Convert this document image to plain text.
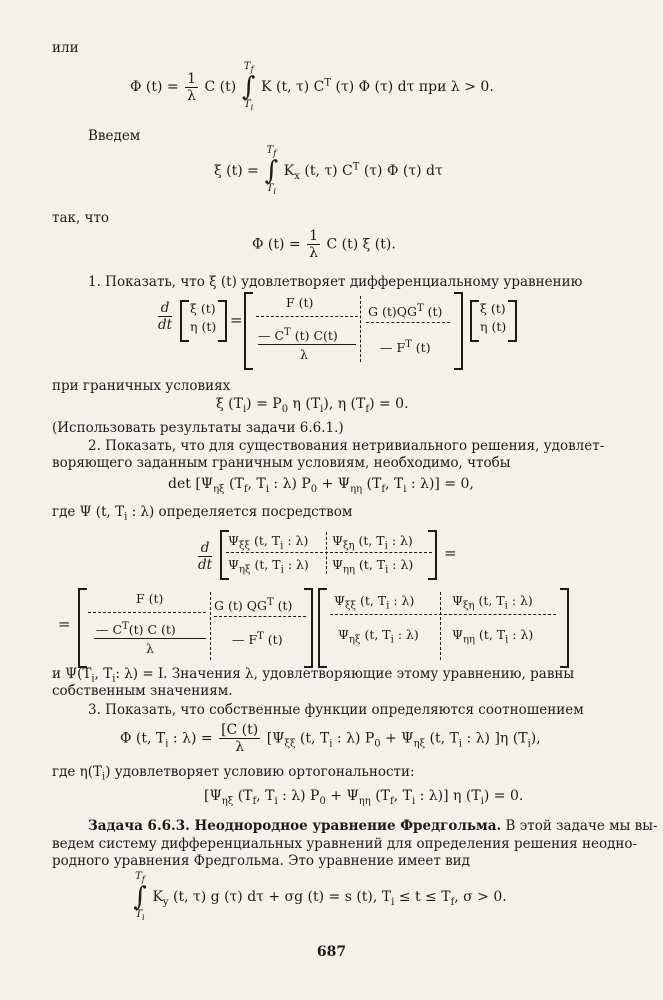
или
Φ $(t) = \frac{1}{\lambda}$ C (t)
$T_f$
∫
$T_i$
K (t, τ) $C^T$ (τ) Φ (τ) dτ при λ > 0.
Введем
ξ (t) =
$T_f$
∫
$T_i$
$K_x$ (t, τ) $C^T$ (τ) Φ (τ) dτ
так, что
Φ $(t) = \frac{1}{\lambda}$ C (t) ξ (t).
1. Показать, что ξ (t) удовлетворяет дифференциальному уравнению
$\frac{d}{dt}$ ξ (t)
η (t) =
F (t)
— $C^T$ (t) C(t)
λ
G $(t)QG^T$ (t)
— $F^T$ (t)
ξ (t)
η (t)
при граничных условиях
ξ $(T_i) = P_0$ η $(T_i)$, η $(T_f) = 0$.
(Использовать результаты задачи 6.6.1.)
2. Показать, что для существования нетривиального решения, удовлет-
воряющего заданным граничным условиям, необходимо, чтобы
$\det [\Psi_{\eta\xi}$ ($T_f$, $T_i$ : λ) $P_0 + \Psi_{\eta\eta}$ ($T_f$, $T_i$ : λ)] = 0,
где Ψ (t, $T_i$ : λ) определяется посредством
$\frac{d}{dt} \Psi_{\xi\xi}$ (t, $T_i$ : λ) $\Psi_{\xi\eta}$ (t, $T_i$ : λ)
$\Psi_{\eta\xi}$ (t, $T_i$ : λ) $\Psi_{\eta\eta}$ (t, $T_i$ : λ)
=
=
F (t)
— $C^T(t)$ C (t)
λ
G (t) $QG^T$ (t)
— $F^T$ (t)
$\Psi_{\xi\xi}$ (t, $T_i$ : λ)	$\Psi_{\xi\eta}$ (t, $T_i$ : λ)
$\Psi_{\eta\xi}$ (t, $T_i$ : λ)	$\Psi_{\eta\eta}$ (t, $T_i$ : λ)
и $\Psi(T_i$, $T_i$: λ) = I. Значения λ, удовлетворяющие этому уравнению, равны
собственным значениям.
3. Показать, что собственные функции определяются соотношением
Φ (t, $T_i$ : $\lambda) = \frac{[C (t)}{\lambda} [\Psi_{\xi\xi}$ (t, $T_i$ : λ) $P_0 + \Psi_{\eta\xi}$ (t, $T_i$ : λ) ]η $(T_i)$,
где $\eta(T_i)$ удовлетворяет условию ортогональности:
[$\Psi_{\eta\xi}$ ($T_f$, $T_i$ : λ) $P_0 + \Psi_{\eta\eta}$ ($T_f$, $T_i$ : λ)] η $(T_i) = 0$.
Задача 6.6.3. Неоднородное уравнение Фредгольма. В этой задаче мы вы-
ведем систему дифференциальных уравнений для определения решения неодно-
родного уравнения Фредгольма. Это уравнение имеет вид
$T_f$
∫
$T_i$
$K_y$ (t, τ) g (τ) dτ + σg (t) = s (t), $T_i \le t \le T_f$, σ > 0.
687
